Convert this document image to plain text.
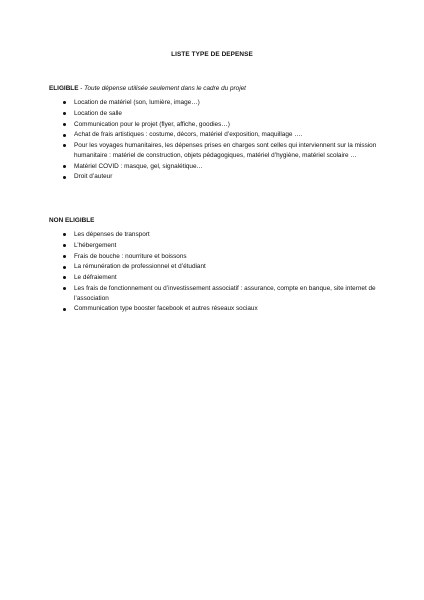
LISTE TYPE DE DEPENSE

ELIGIBLE - Toute dépense utilisée seulement dans le cadre du projet

Location de matériel (son, lumière, image…)
Location de salle
Communication pour le projet (flyer, affiche, goodies…)
Achat de frais artistiques : costume, décors, matériel d’exposition, maquillage ….
Pour les voyages humanitaires, les dépenses prises en charges sont celles qui interviennent sur la mission humanitaire : matériel de construction, objets pédagogiques, matériel d’hygiène, matériel scolaire …
Matériel COVID : masque, gel, signalétique…
Droit d’auteur

NON ELIGIBLE

Les dépenses de transport
L’hébergement
Frais de bouche : nourriture et boissons
La rémunération de professionnel et d’étudiant
Le défraiement
Les frais de fonctionnement ou d’investissement associatif : assurance, compte en banque, site internet de l’association
Communication type booster facebook et autres réseaux sociaux
